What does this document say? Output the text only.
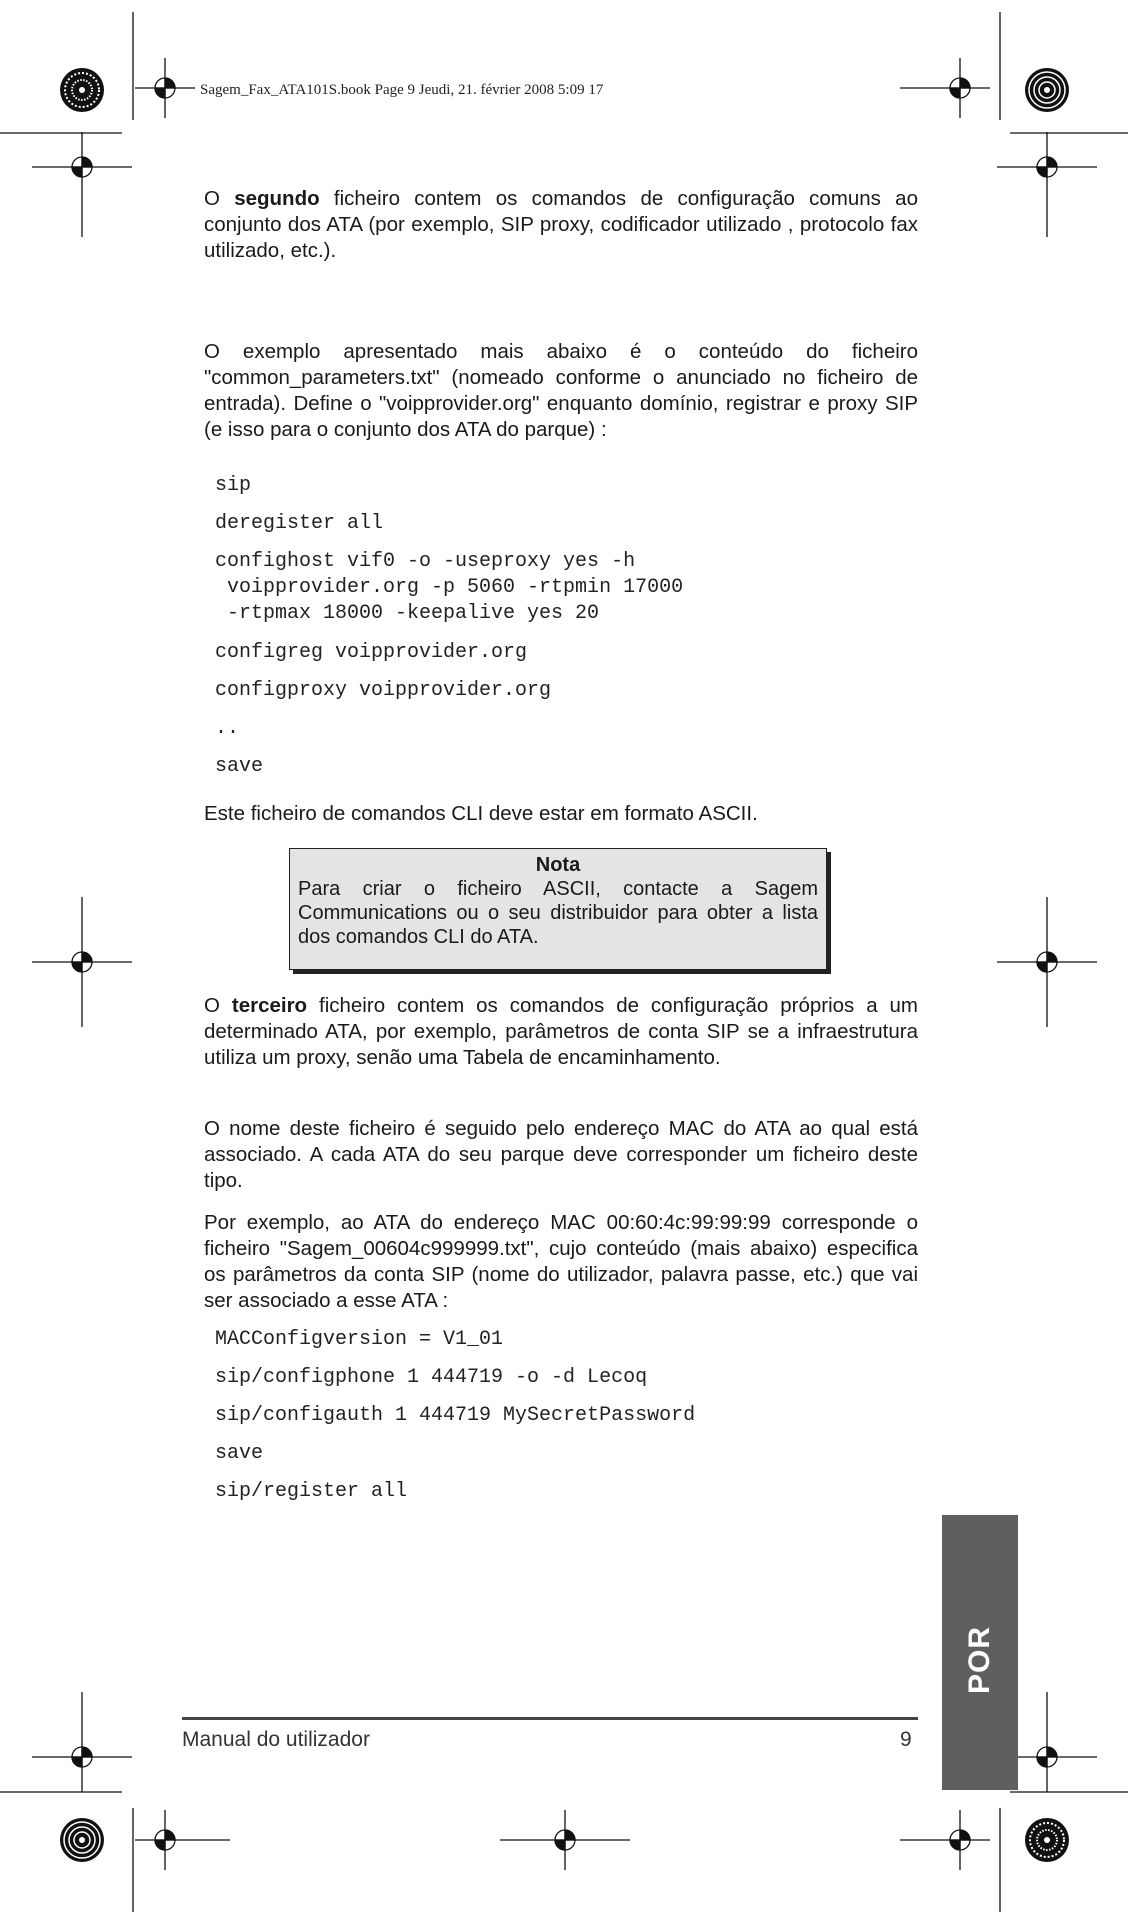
Sagem_Fax_ATA101S.book Page 9 Jeudi, 21. février 2008 5:09 17

O segundo ficheiro contem os comandos de configuração comuns ao conjunto dos ATA (por exemplo, SIP proxy, codificador utilizado , protocolo fax utilizado, etc.).

O exemplo apresentado mais abaixo é o conteúdo do ficheiro "common_parameters.txt" (nomeado conforme o anunciado no ficheiro de entrada). Define o "voipprovider.org" enquanto domínio, registrar e proxy SIP (e isso para o conjunto dos ATA do parque) :

sip
deregister all
confighost vif0 -o -useproxy yes -h
voipprovider.org -p 5060 -rtpmin 17000
-rtpmax 18000 -keepalive yes 20
configreg voipprovider.org
configproxy voipprovider.org
..
save

Este ficheiro de comandos CLI deve estar em formato ASCII.

Nota
Para criar o ficheiro ASCII, contacte a Sagem Communications ou o seu distribuidor para obter a lista dos comandos CLI do ATA.

O terceiro ficheiro contem os comandos de configuração próprios a um determinado ATA, por exemplo, parâmetros de conta SIP se a infraestrutura utiliza um proxy, senão uma Tabela de encaminhamento.

O nome deste ficheiro é seguido pelo endereço MAC do ATA ao qual está associado. A cada ATA do seu parque deve corresponder um ficheiro deste tipo.

Por exemplo, ao ATA do endereço MAC 00:60:4c:99:99:99 corresponde o ficheiro "Sagem_00604c999999.txt", cujo conteúdo (mais abaixo) especifica os parâmetros da conta SIP (nome do utilizador, palavra passe, etc.) que vai ser associado a esse ATA :

MACConfigversion = V1_01
sip/configphone 1 444719 -o -d Lecoq
sip/configauth 1 444719 MySecretPassword
save
sip/register all
POR
Manual do utilizador	9
